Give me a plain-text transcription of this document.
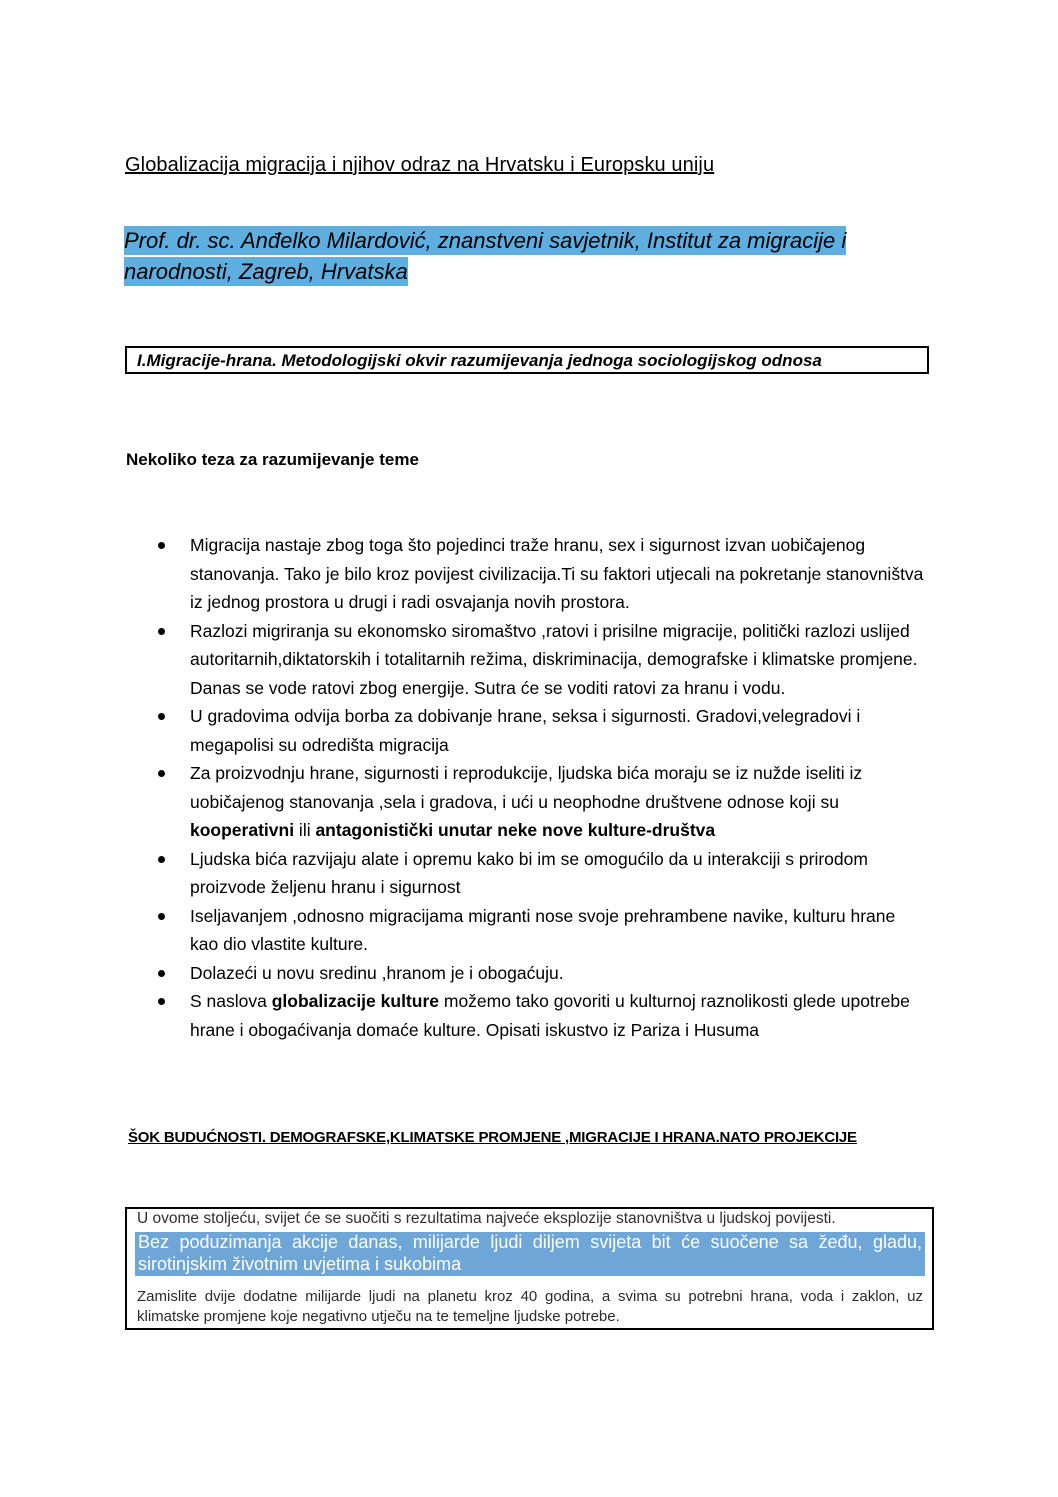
Globalizacija migracija i njihov odraz na Hrvatsku i Europsku uniju
Prof. dr. sc. Anđelko Milardović, znanstveni savjetnik, Institut za migracije i
narodnosti, Zagreb, Hrvatska
I.Migracije-hrana. Metodologijski okvir razumijevanja jednoga sociologijskog odnosa
Nekoliko teza za razumijevanje teme
Migracija nastaje zbog toga što pojedinci traže hranu, sex i sigurnost izvan uobičajenog stanovanja. Tako je bilo kroz povijest civilizacija.Ti su faktori utjecali na pokretanje stanovništva iz jednog prostora u drugi i radi osvajanja novih prostora.
Razlozi migriranja su ekonomsko siromaštvo ,ratovi i prisilne migracije, politički razlozi uslijed autoritarnih,diktatorskih i totalitarnih režima, diskriminacija, demografske i klimatske promjene. Danas se vode ratovi zbog energije. Sutra će se voditi ratovi za hranu i vodu.
U gradovima odvija borba za dobivanje hrane, seksa i sigurnosti. Gradovi,velegradovi i megapolisi su odredišta migracija
Za proizvodnju hrane, sigurnosti i reprodukcije, ljudska bića moraju se iz nužde iseliti iz uobičajenog stanovanja ,sela i gradova, i ući u neophodne društvene odnose koji su kooperativni ili antagonistički unutar neke nove kulture-društva
Ljudska bića razvijaju alate i opremu kako bi im se omogućilo da u interakciji s prirodom proizvode željenu hranu i sigurnost
Iseljavanjem ,odnosno migracijama migranti nose svoje prehrambene navike, kulturu hrane kao dio vlastite kulture.
Dolazeći u novu sredinu ,hranom je i obogaćuju.
S naslova globalizacije kulture možemo tako govoriti u kulturnoj raznolikosti glede upotrebe hrane i obogaćivanja domaće kulture. Opisati iskustvo iz Pariza i Husuma
ŠOK BUDUĆNOSTI. DEMOGRAFSKE,KLIMATSKE PROMJENE ,MIGRACIJE I HRANA.NATO PROJEKCIJE
U ovome stoljeću, svijet će se suočiti s rezultatima najveće eksplozije stanovništva u ljudskoj povijesti.
Bez poduzimanja akcije danas, milijarde ljudi diljem svijeta bit će suočene sa žeđu, gladu, sirotinjskim životnim uvjetima i sukobima
Zamislite dvije dodatne milijarde ljudi na planetu kroz 40 godina, a svima su potrebni hrana, voda i zaklon, uz klimatske promjene koje negativno utječu na te temeljne ljudske potrebe.
